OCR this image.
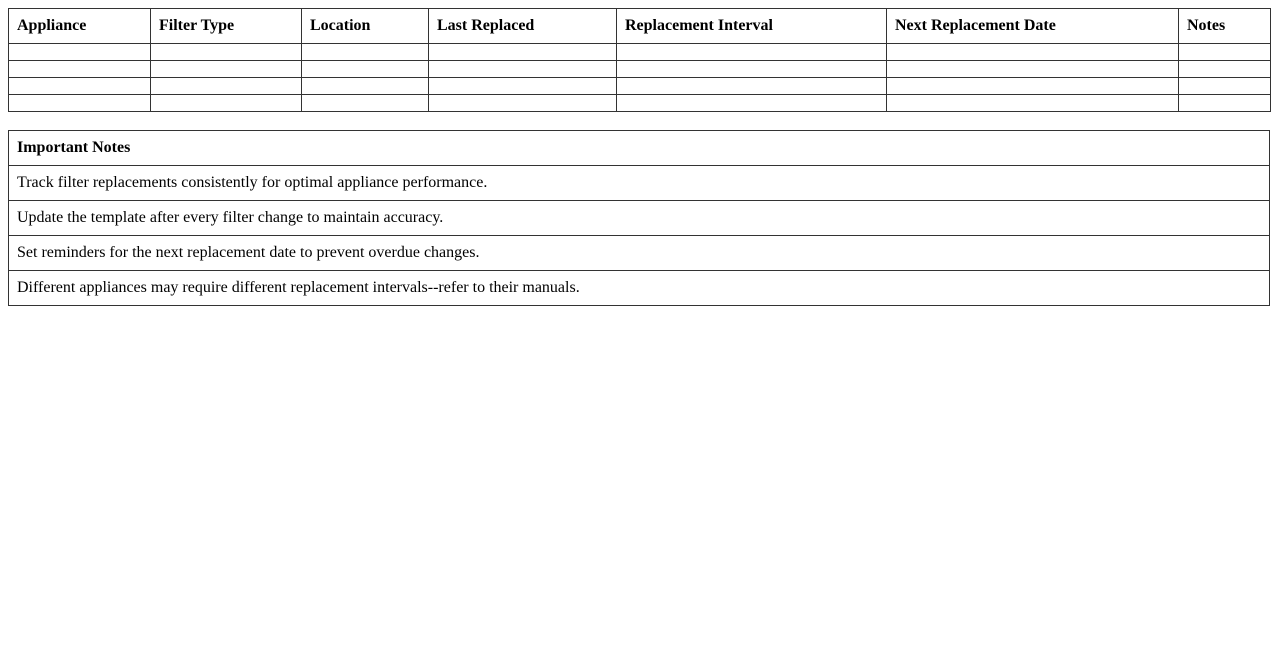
Appliance	Filter Type	Location	Last Replaced	Replacement Interval	Next Replacement Date	Notes

Important Notes
Track filter replacements consistently for optimal appliance performance.
Update the template after every filter change to maintain accuracy.
Set reminders for the next replacement date to prevent overdue changes.
Different appliances may require different replacement intervals--refer to their manuals.
